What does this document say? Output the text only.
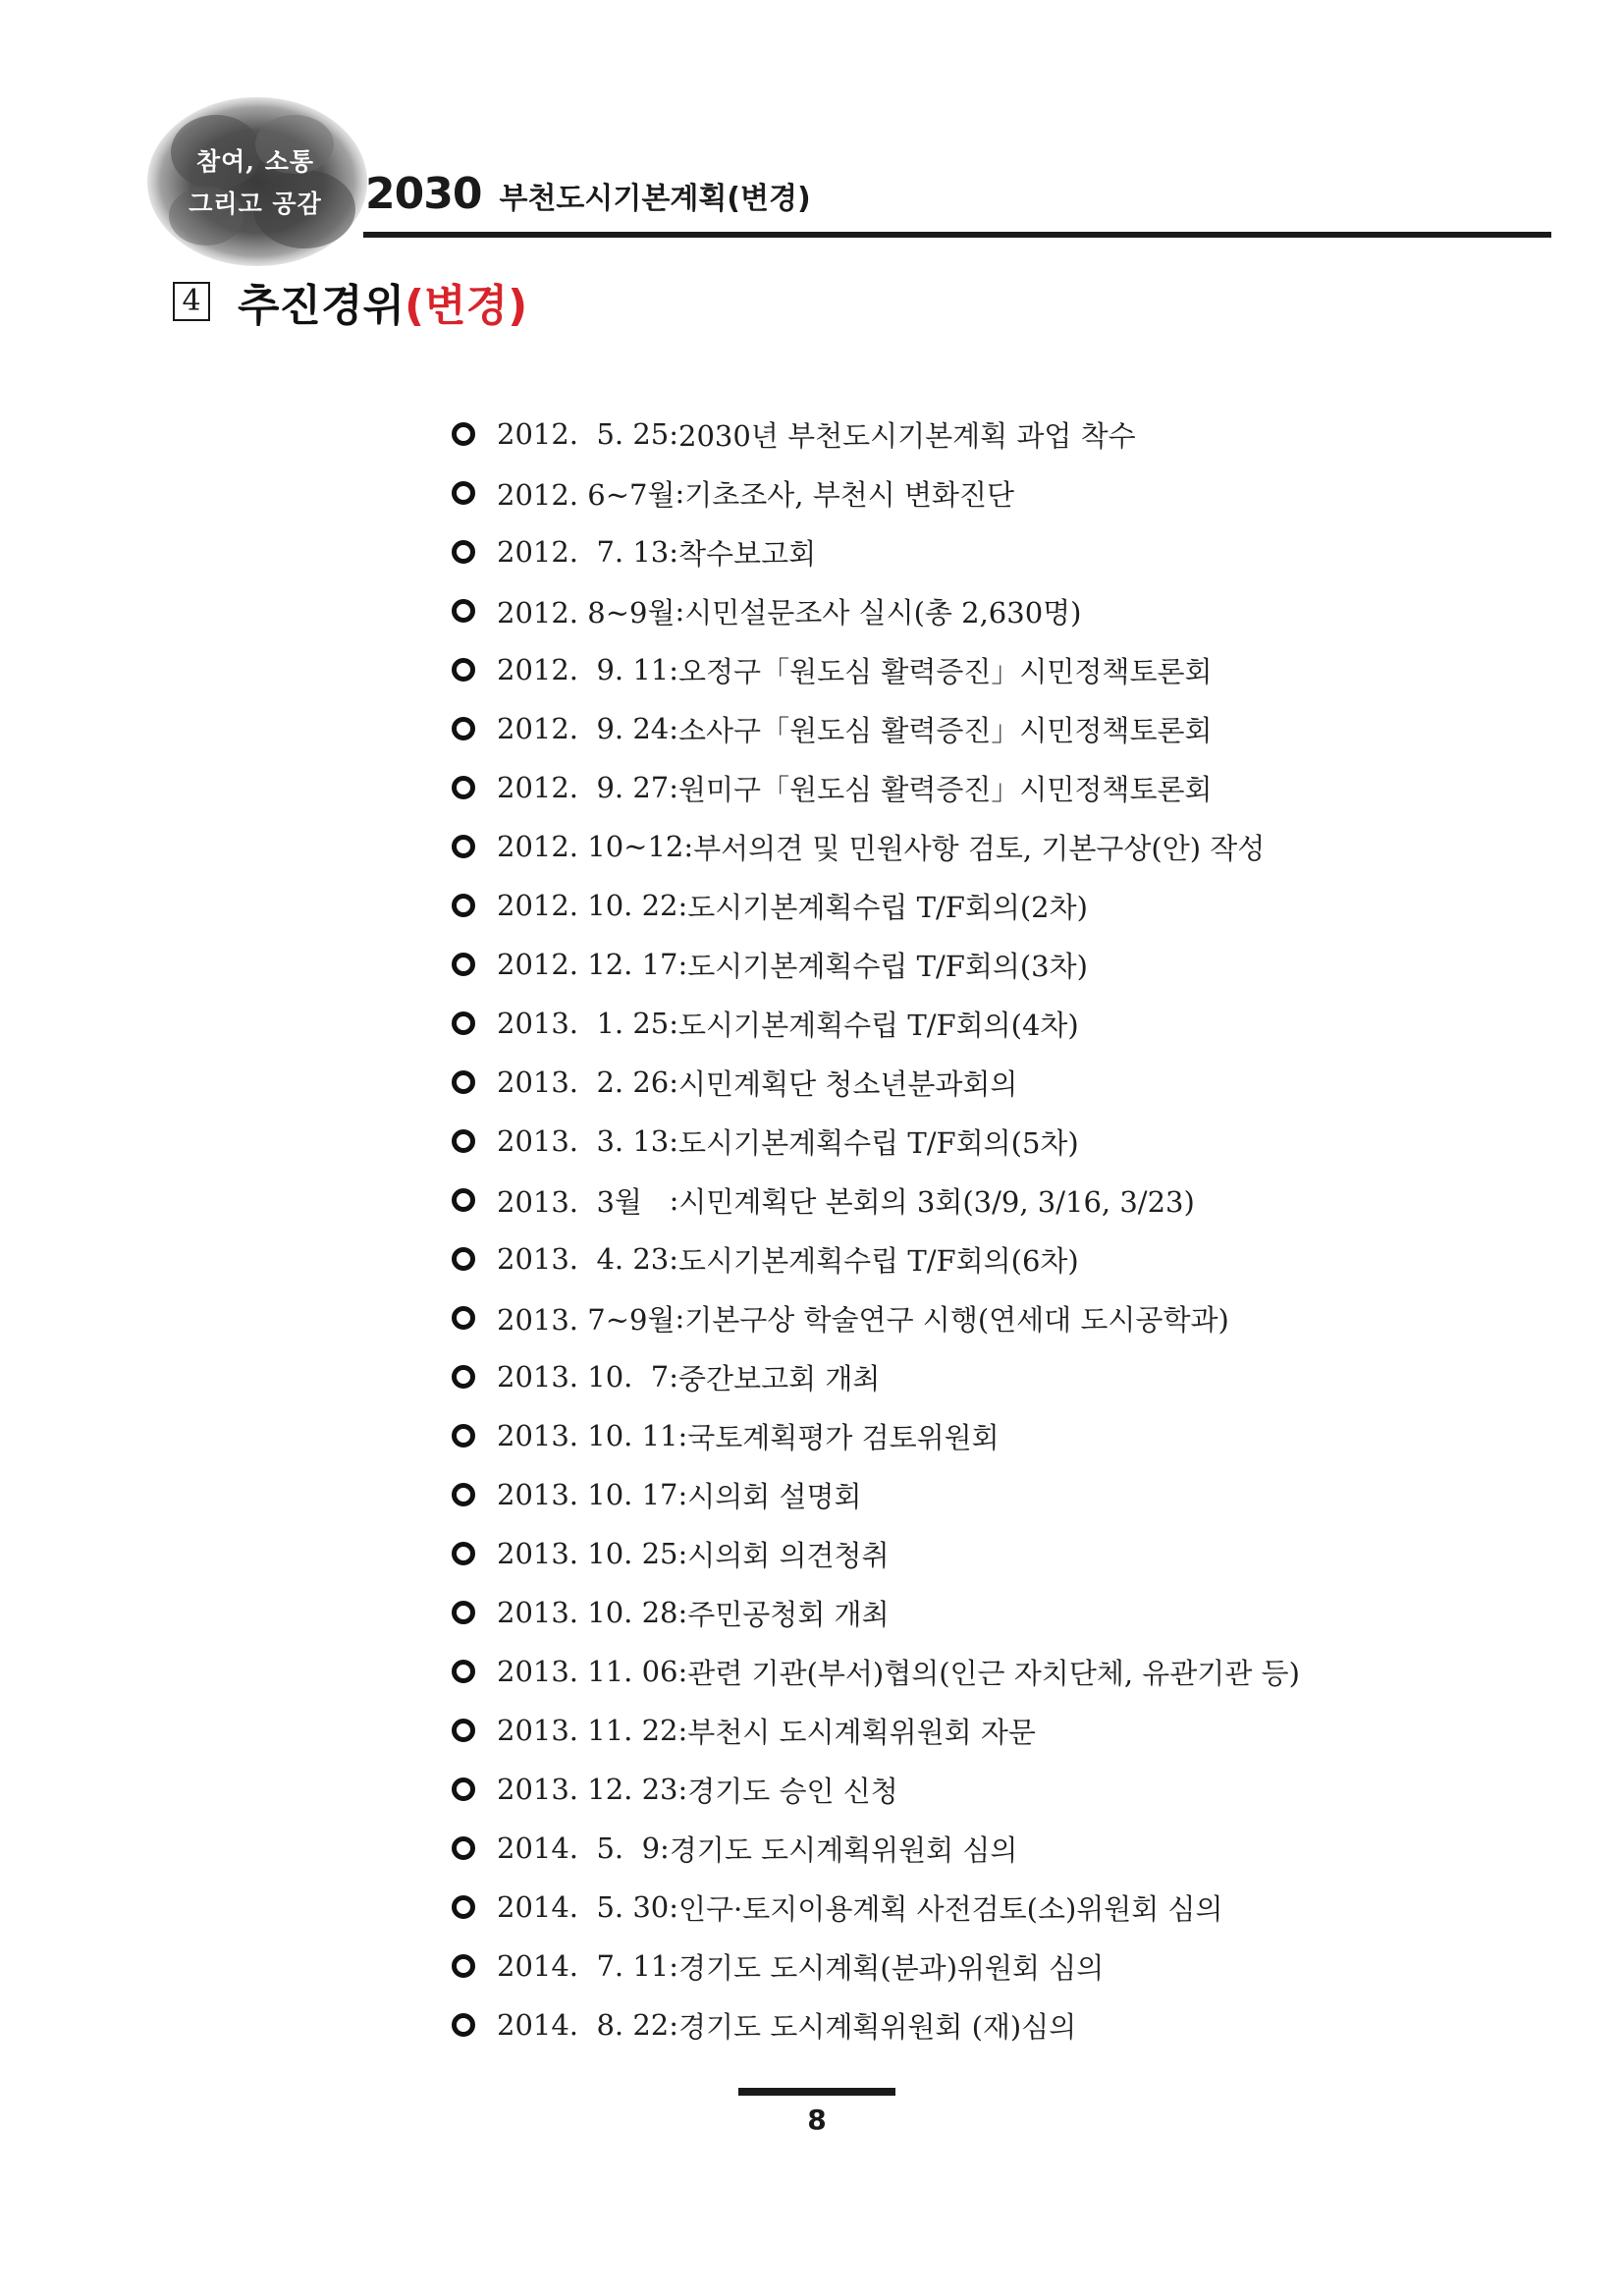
참여, 소통
그리고 공감	2030 부천도시기본계획(변경)
4 추진경위 (변경)
2012.  5. 25 : 2030년 부천도시기본계획 과업 착수
2012. 6~7월 : 기초조사, 부천시 변화진단
2012.  7. 13 : 착수보고회
2012. 8~9월 : 시민설문조사 실시(총 2,630명)
2012.  9. 11 : 오정구「원도심 활력증진」시민정책토론회
2012.  9. 24 : 소사구「원도심 활력증진」시민정책토론회
2012.  9. 27 : 원미구「원도심 활력증진」시민정책토론회
2012. 10~12 : 부서의견 및 민원사항 검토, 기본구상(안) 작성
2012. 10. 22 : 도시기본계획수립 T/F회의(2차)
2012. 12. 17 : 도시기본계획수립 T/F회의(3차)
2013.  1. 25 : 도시기본계획수립 T/F회의(4차)
2013.  2. 26 : 시민계획단 청소년분과회의
2013.  3. 13 : 도시기본계획수립 T/F회의(5차)
2013.  3월 : 시민계획단 본회의 3회(3/9, 3/16, 3/23)
2013.  4. 23 : 도시기본계획수립 T/F회의(6차)
2013. 7~9월 : 기본구상 학술연구 시행(연세대 도시공학과)
2013. 10.  7 : 중간보고회 개최
2013. 10. 11 : 국토계획평가 검토위원회
2013. 10. 17 : 시의회 설명회
2013. 10. 25 : 시의회 의견청취
2013. 10. 28 : 주민공청회 개최
2013. 11. 06 : 관련 기관(부서)협의(인근 자치단체, 유관기관 등)
2013. 11. 22 : 부천시 도시계획위원회 자문
2013. 12. 23 : 경기도 승인 신청
2014.  5.  9 : 경기도 도시계획위원회 심의
2014.  5. 30 : 인구·토지이용계획 사전검토(소)위원회 심의
2014.  7. 11 : 경기도 도시계획(분과)위원회 심의
2014.  8. 22 : 경기도 도시계획위원회 (재)심의
8
